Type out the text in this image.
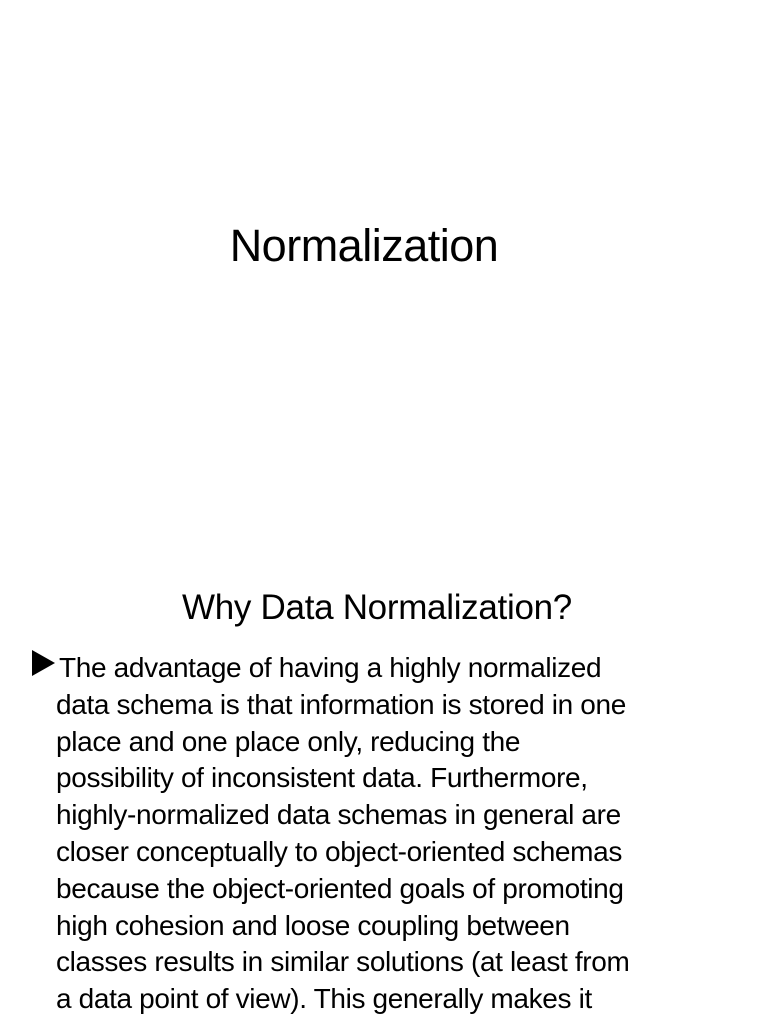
Normalization
Why Data Normalization?

The advantage of having a highly normalized
data schema is that information is stored in one
place and one place only, reducing the
possibility of inconsistent data. Furthermore,
highly-normalized data schemas in general are
closer conceptually to object-oriented schemas
because the object-oriented goals of promoting
high cohesion and loose coupling between
classes results in similar solutions (at least from
a data point of view). This generally makes it
